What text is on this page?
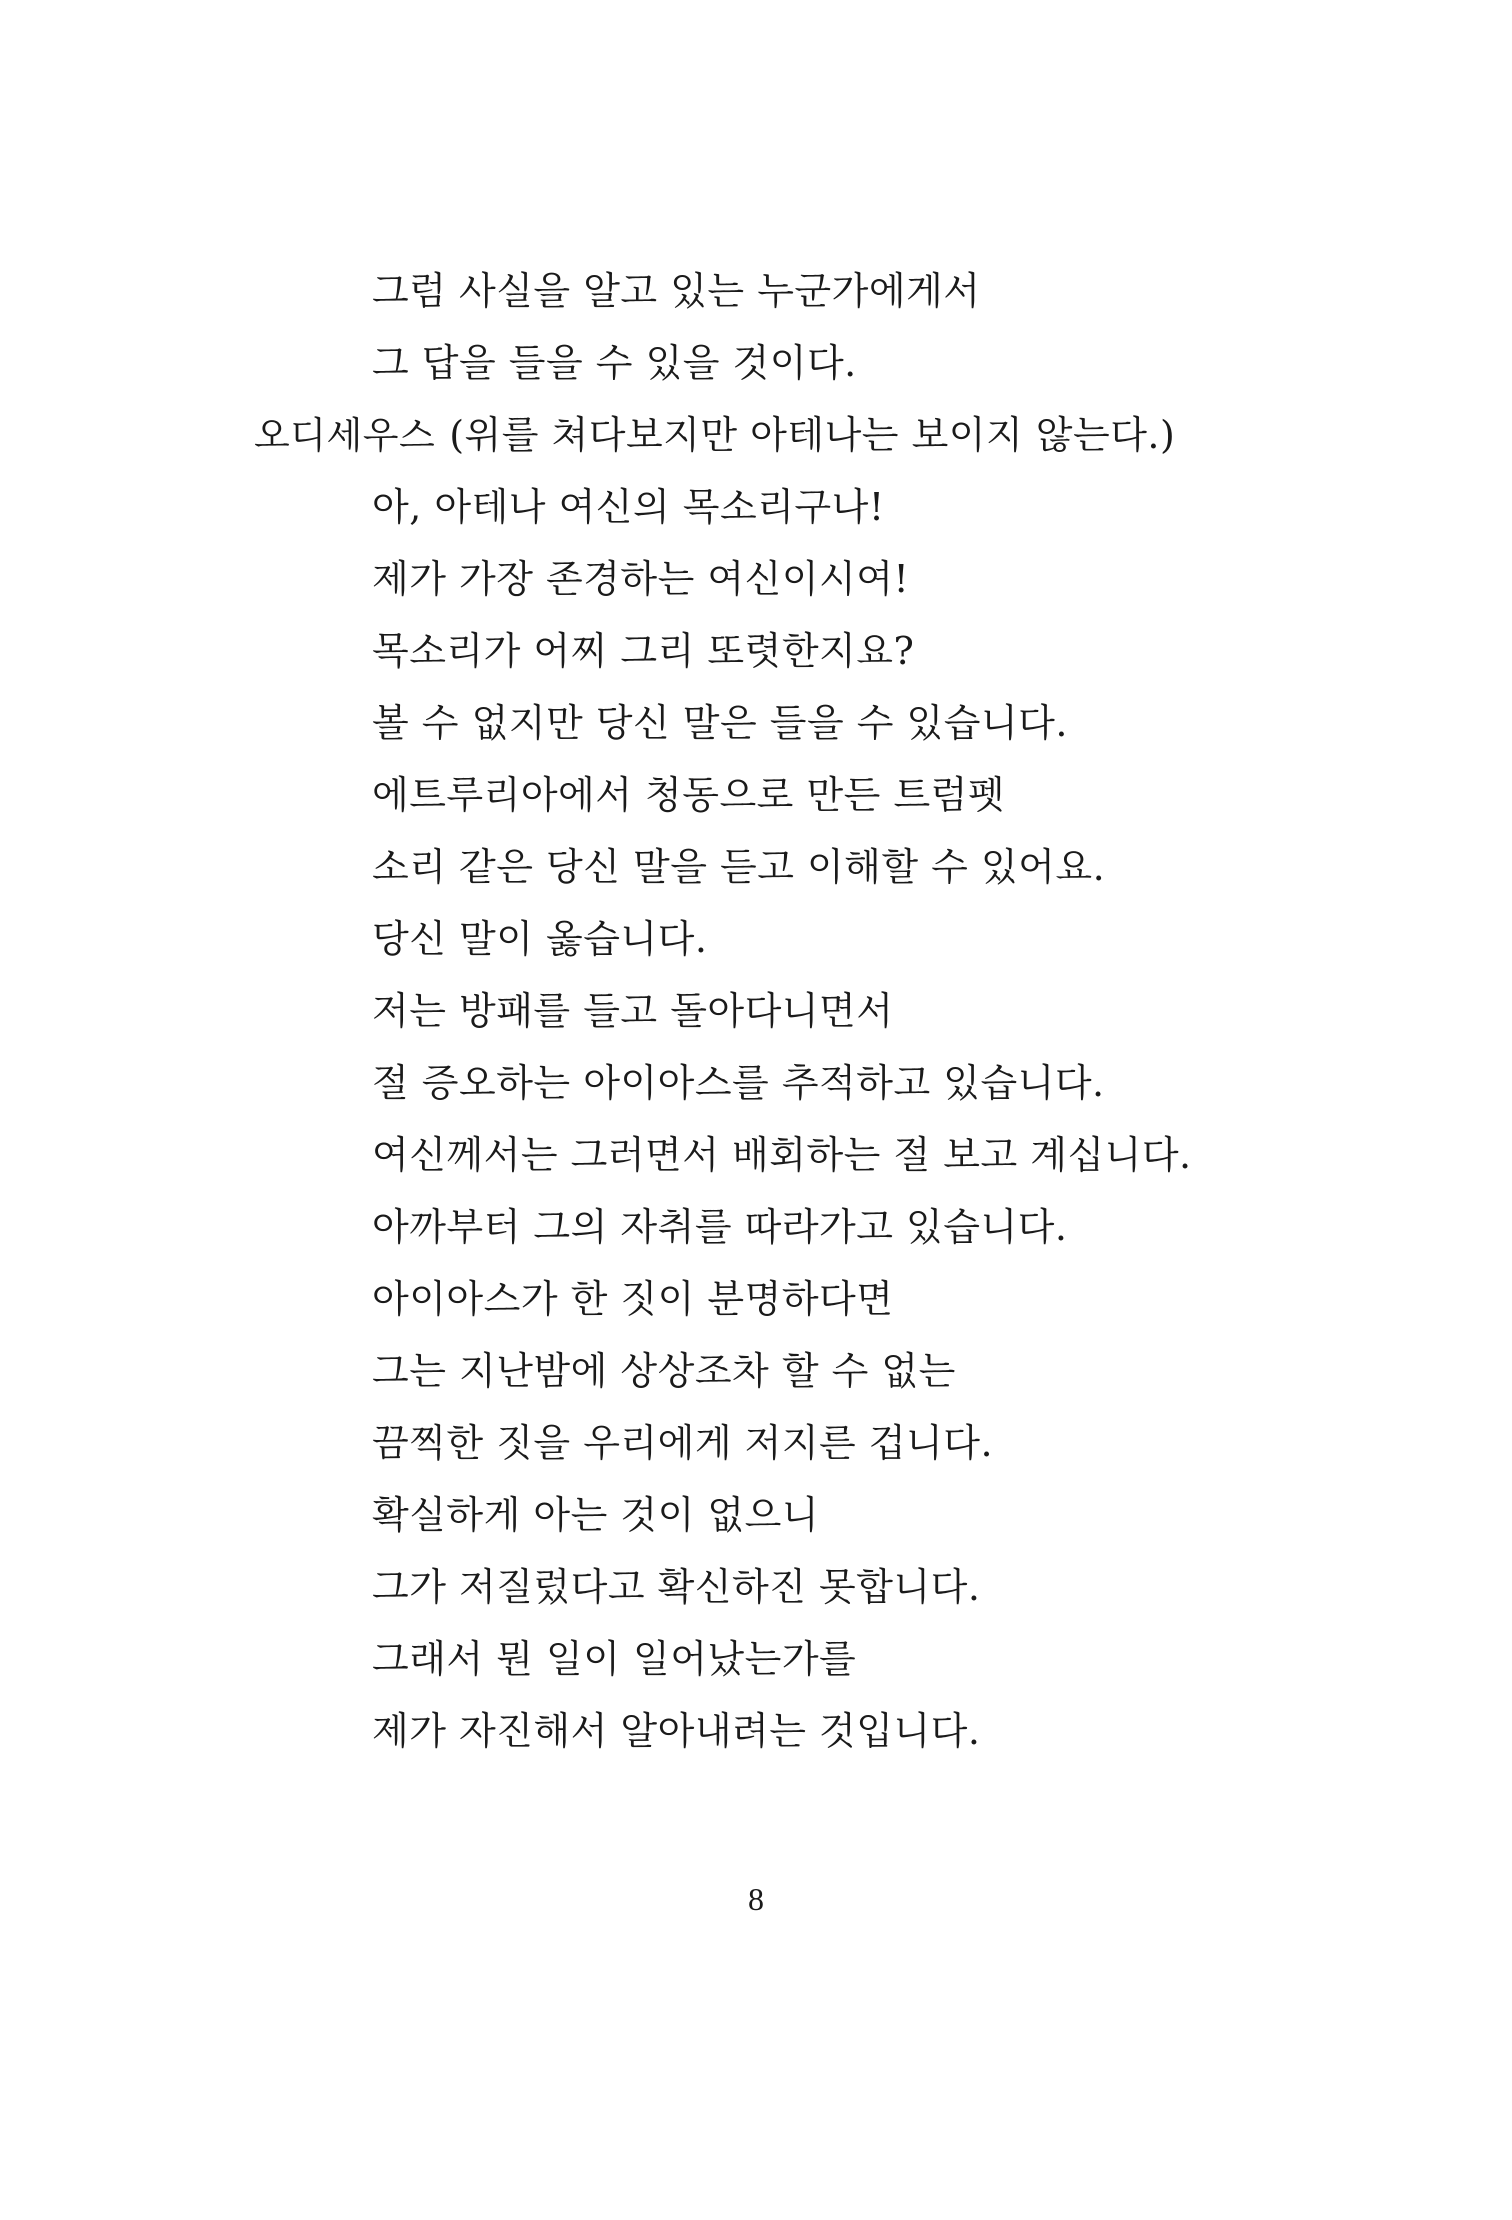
그럼 사실을 알고 있는 누군가에게서
그 답을 들을 수 있을 것이다.
오디세우스 (위를 쳐다보지만 아테나는 보이지 않는다.)
아, 아테나 여신의 목소리구나!
제가 가장 존경하는 여신이시여!
목소리가 어찌 그리 또렷한지요?
볼 수 없지만 당신 말은 들을 수 있습니다.
에트루리아에서 청동으로 만든 트럼펫
소리 같은 당신 말을 듣고 이해할 수 있어요.
당신 말이 옳습니다.
저는 방패를 들고 돌아다니면서
절 증오하는 아이아스를 추적하고 있습니다.
여신께서는 그러면서 배회하는 절 보고 계십니다.
아까부터 그의 자취를 따라가고 있습니다.
아이아스가 한 짓이 분명하다면
그는 지난밤에 상상조차 할 수 없는
끔찍한 짓을 우리에게 저지른 겁니다.
확실하게 아는 것이 없으니
그가 저질렀다고 확신하진 못합니다.
그래서 뭔 일이 일어났는가를
제가 자진해서 알아내려는 것입니다.
8
